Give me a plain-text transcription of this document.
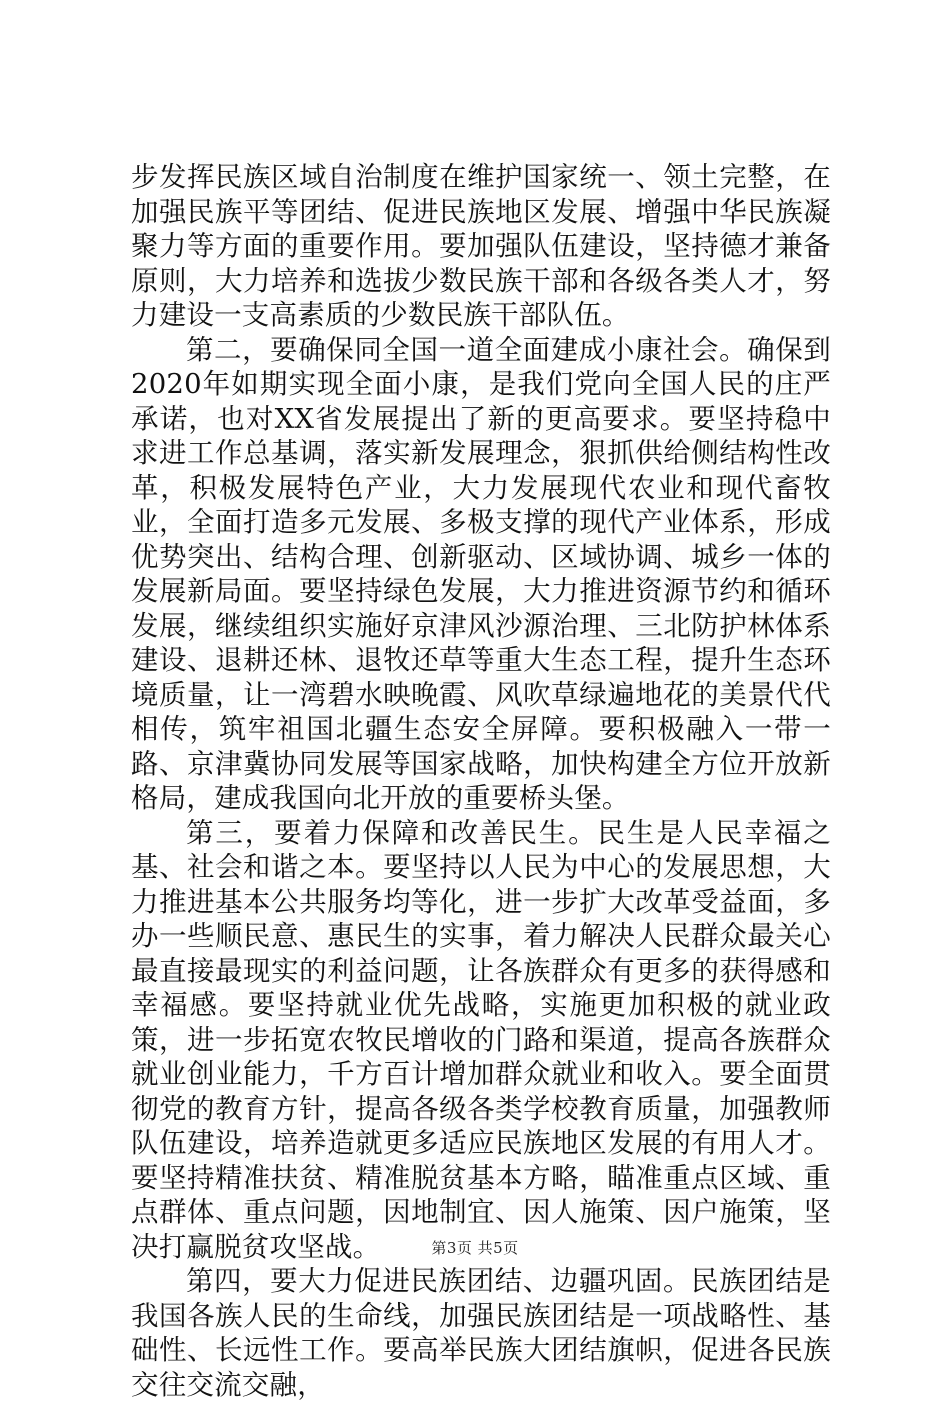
步发挥民族区域自治制度在维护国家统一、领土完整，在加强民族平等团结、促进民族地区发展、增强中华民族凝聚力等方面的重要作用。要加强队伍建设，坚持德才兼备原则，大力培养和选拔少数民族干部和各级各类人才，努力建设一支高素质的少数民族干部队伍。

第二，要确保同全国一道全面建成小康社会。确保到2020年如期实现全面小康，是我们党向全国人民的庄严承诺，也对XX省发展提出了新的更高要求。要坚持稳中求进工作总基调，落实新发展理念，狠抓供给侧结构性改革，积极发展特色产业，大力发展现代农业和现代畜牧业，全面打造多元发展、多极支撑的现代产业体系，形成优势突出、结构合理、创新驱动、区域协调、城乡一体的发展新局面。要坚持绿色发展，大力推进资源节约和循环发展，继续组织实施好京津风沙源治理、三北防护林体系建设、退耕还林、退牧还草等重大生态工程，提升生态环境质量，让一湾碧水映晚霞、风吹草绿遍地花的美景代代相传，筑牢祖国北疆生态安全屏障。要积极融入一带一路、京津冀协同发展等国家战略，加快构建全方位开放新格局，建成我国向北开放的重要桥头堡。

第三，要着力保障和改善民生。民生是人民幸福之基、社会和谐之本。要坚持以人民为中心的发展思想，大力推进基本公共服务均等化，进一步扩大改革受益面，多办一些顺民意、惠民生的实事，着力解决人民群众最关心最直接最现实的利益问题，让各族群众有更多的获得感和幸福感。要坚持就业优先战略，实施更加积极的就业政策，进一步拓宽农牧民增收的门路和渠道，提高各族群众就业创业能力，千方百计增加群众就业和收入。要全面贯彻党的教育方针，提高各级各类学校教育质量，加强教师队伍建设，培养造就更多适应民族地区发展的有用人才。要坚持精准扶贫、精准脱贫基本方略，瞄准重点区域、重点群体、重点问题，因地制宜、因人施策、因户施策，坚决打赢脱贫攻坚战。

第四，要大力促进民族团结、边疆巩固。民族团结是我国各族人民的生命线，加强民族团结是一项战略性、基础性、长远性工作。要高举民族大团结旗帜，促进各民族交往交流交融，

第3页 共5页
